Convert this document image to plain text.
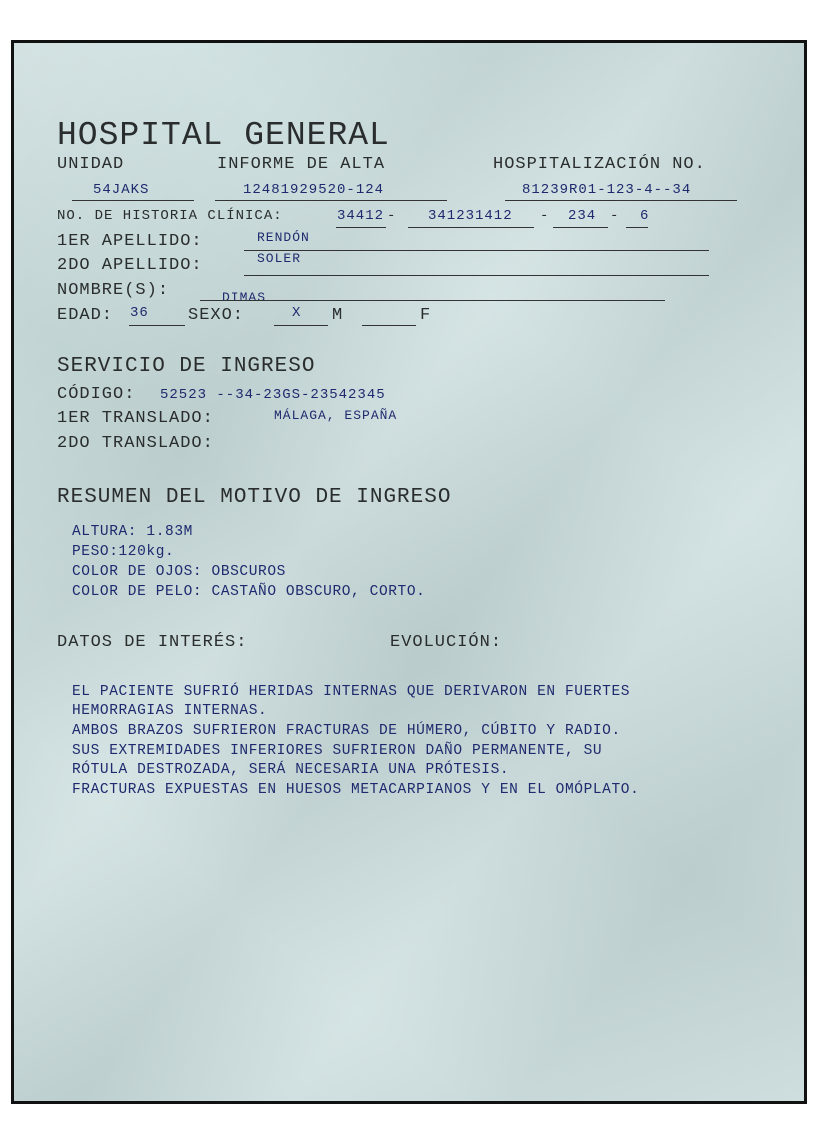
HOSPITAL GENERAL
UNIDAD	INFORME DE ALTA	HOSPITALIZACIÓN NO.
54JAKS	12481929520-124	81239R01-123-4--34
NO. DE HISTORIA CLÍNICA:	34412 - 341231412 - 234 - 6
1ER APELLIDO:	RENDÓN
2DO APELLIDO:	SOLER
NOMBRE(S):	DIMAS
EDAD: 36 SEXO:	X M	F
SERVICIO DE INGRESO
CÓDIGO: 52523 --34-23GS-23542345
1ER TRANSLADO:	MÁLAGA, ESPAÑA
2DO TRANSLADO:
RESUMEN DEL MOTIVO DE INGRESO
ALTURA: 1.83M
PESO:120kg.
COLOR DE OJOS: OBSCUROS
COLOR DE PELO: CASTAÑO OBSCURO, CORTO.
DATOS DE INTERÉS:	EVOLUCIÓN:
EL PACIENTE SUFRIÓ HERIDAS INTERNAS QUE DERIVARON EN FUERTES
HEMORRAGIAS INTERNAS.
AMBOS BRAZOS SUFRIERON FRACTURAS DE HÚMERO, CÚBITO Y RADIO.
SUS EXTREMIDADES INFERIORES SUFRIERON DAÑO PERMANENTE, SU
RÓTULA DESTROZADA, SERÁ NECESARIA UNA PRÓTESIS.
FRACTURAS EXPUESTAS EN HUESOS METACARPIANOS Y EN EL OMÓPLATO.
